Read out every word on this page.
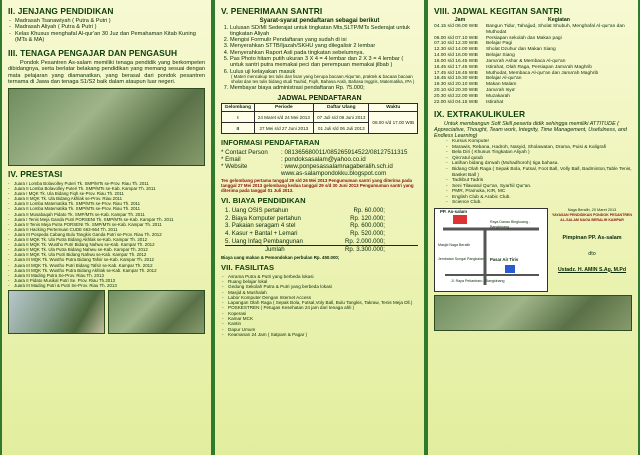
II. JENJANG PENDIDIKAN
- Madrasah Tsanawiyah ( Putra & Putri )
- Madrasah Aliyah ( Putra & Putri )
- Kelas Khusus menghafal Al-qur'an 30 Juz dan Pemahaman Kitab Kuning (MTs & MA)
III. TENAGA PENGAJAR DAN PENGASUH

Pondok Pesantren As-salam memiliki tenaga pendidik yang berkompeten dibidangnya, serta berlatar belakang pendidikan yang memang sesuai dengan mata pelajaran yang diamanatkan, yang berasal dari pondok pesantren ternama di Jawa dan tenaga S1/S2 baik dalam ataupun luar negeri.

IV. PRESTASI
- Juara I Lomba Bolavolley Puteri Tk. SMP/MTs se-Prov. Riau Th. 2011
- Juara II Lomba Bolavolley Puteri Tk. SMP/MTs se-Kab. Kampar Th. 2011
- Juara I MQK Tk. Ula Bidang Fiqh se-Prov. Riau Th. 2011
- Juara II MQK Tk. Ula Bidang Akhlak se-Prov. Riau 2011
- Juara II Lomba Matematika Tk. SMP/MTs se-Prov. Riau Th. 2011
- Juara II Lomba Matematika Tk. SMP/MTs se-Prov. Riau Th. 2011
- Juara II Musabaqah Pidato Tk. SMP/MTs se-Kab. Kampar Th. 2011
- Juara I Tenis Meja Ganda Putri PORSENI Tk. SMP/MTs se-Kab. Kampar Th. 2011
- Juara II Tenis Meja Putra PORSENI Tk. SMP/MTs se-Kab. Kampar Th. 2011
- Juara II Hacking Pertemuan CUDE 663-664 Th. 2011
- Juara III Pospeda Cabang Bulu Tangkis Ganda Putri se-Prov. Riau Th. 2012
- Juara II MQK Tk. Ula Putra Bidang Akhlak se-Kab. Kampar Th. 2012
- Juara II MQK Tk. Wustho Putri Bidang Nahwu se-Kab. Kampar Th. 2012
- Juara II MQK Tk. Ula Putra Bidang Nahwu se-Kab. Kampar Th. 2012
- Juara II MQK Tk. Ula Putri Bidang Nahwu se-Kab. Kampar Th. 2012
- Juara III MQK Tk. Wustho Putra Bidang Tafsir se-Kab. Kampar Th. 2012
- Juara III MQK Tk. Wustho Putri Bidang Tafsir se-Kab. Kampar Th. 2012
- Juara III MQK Tk. Wustho Putra Bidang Akhlak se-Kab. Kampar Th. 2012
- Juara III Mading Putra Se-Prov. Riau Th. 2013
- Juara II Pidato Musikal Putri Se. Prov. Riau Th.2013
- Juara III Mading Putri & Putri Se-Prov. Riau Th. 2013
V. PENERIMAAN SANTRI
Syarat-syarat pendaftaran sebagai berikut
1. Lulusan SD/MI Sederajat untuk tingkatan Mts,SLTP/MTs Sederajat untuk tingkatan Aliyah
2. Mengisi Formulir Pendaftaran yang sudah di isi
3. Menyerahkan STTB/Ijazah/SKHU yang dilegalisir 2 lembar
4. Menyerahkan Raport Asli pada tingkatan sebelumnya.
5. Pas Photo hitam putih ukuran 3 X 4 = 4 lembar dan 2 X 3 = 4 lembar ( untuk santri putra memakai peci dan perempuan memakai jilbab )
6. Lulus uji kelayakan masuk

( Materi mencakup tes tulis dan lisan yang berupa bacaan Alqur'an, praktek & bacaan bacaan sholat dan tes tulis bidang studi Tauhid, Fiqih, Bahasa Arab, Bahasa Inggris, Matematika, IPA )

7. Membayar biaya administrasi pendaftaran Rp. 75.000;
JADWAL PENDAFTARAN
Gelombang	Periode	Daftar Ulang	Waktu
I	24 Maret s/d 24 Mei 2013	07 Juli s/d 08 Juni 2013	08.00 s/d 17.00 WIB
II	27 Mei s/d 27 Juni 2013	01 Juli s/d 06 Juli 2013	
INFORMASI PENDAFTARAN
* Contact Person	: 081365680011/085265914522/08127511315
* Email	: pondoksasalam@yahoo.co.id
* Website	: www.ponpesassalamnagaberalih.sch.id
www.as-salampondokku.blogspot.com

Tes gelombang pertama tanggal 29 s/d 26 Mei 2013 Pengumuman santri yang diterima pada tanggal 27 Mei 2013 gelombang kedua tanggal 29 s/d 30 Juni 2013 Pengumuman santri yang diterima pada tanggal 01 Juli 2013.

VI. BIAYA PENDIDIKAN
1. Uang OSIS pertahun	Rp. 60.000;
2. Biaya Komputer pertahun	Rp. 120.000;
3. Pakaian seragam 4 stel	Rp. 600.000;
4. Kasur + Bantal + Lemari	Rp. 520.000;
5. Uang Infaq Pembangunan	Rp. 2.000.000;
Jumlah	Rp. 3.300.000;

Biaya uang makan & Pemondokan perbulan Rp. 450.000;

VII. FASILITAS
- Asrama Putra & Putri yang berbeda lokasi
- Ruang belajar lokal
- Gedung Sekolah Putra & Putri yang berbeda lokasi
- Masjid & Mushalah
- Labor Komputer Dengan Internet Access
- Lapangan Olah Raga ( Sepak Bola, Futsal,Voly Ball, Bulu Tangkis, Takraw, Tenis Meja Dll.)
- POSKESTREN ( Petugas Kesehatan 24 jam dari tenaga ahli )
- Koperasi
- Kamar MCK
- Kantin
- Dapur Umum
- Keamanan 24 Jam ( Satpam & Pagar )
VIII. JADWAL KEGITAN SANTRI
Jam	Kegiatan
04.15 s/d 06.00 WIB	Bangun Tidur, Tahajjud, Sholat Shubuh, Menghafal Al-qur'an dan Muthodat
06.00 s/d 07.10 WIB	Persiapan sekolah dan Makan pagi
07.10 s/d 12.30 WIB	Belajar Pagi
12.30 s/d 14.00 WIB	Sholat Dzuhur dan Makan Siang
14.00 s/d 16.00 WIB	Belajar Siang
16.00 s/d 16.45 WIB	Jama'ah Ashar & Membaca Al-qur'an
16.45 s/d 17.45 WIB	Istirahat, Olah Raga, Persiapan Jama'ah Maghrib
17.45 s/d 18.45 WIB	Muthodat, Membaca Al-qur'an dan Jama'ah Maghrib
18.45 s/d 19.30 WIB	Belajar Al-qur'an
19.30 s/d 20.10 WIB	Makan Malam
20.10 s/d 20.30 WIB	Jama'ah Isya'
20.30 s/d 22.00 WIB	Muzakarah
22.00 s/d 04.15 WIB	Istirahat
IX. EXTRAKULIKULER

Untuk membangun Soft Skill peserta didik sehingga memiliki ATTITUDE ( Appreciative, Thought, Team work, Integrity, Time Management, Usefulness, and Endless Learning)

- Kursus Komputer
- Marawis, Rebana, Hadroh, Nasyid, Sholawatan, Drama, Puisi & Kaligrafi
- Bela Diri ( Khusus Tingkatan Aliyah )
- Qiro'atul qutub
- Latihan bidang da'wah (Muhadhoroh) tiga bahasa.
- Bidang Olah Raga ( Sepak Bola, Futsal, Foot Ball, Volly Ball, Badminton,Table Tenis, Basket Ball )
- Tadribut Tadris
- Seni Tilawatul Qur'an, Syarhil Qur'an.
- PMR, Pramuka, KIR, MC
- English Club & Arabic Club.
- Science Club.
PP. As-salam
Raya Danau Bingkuang - Bangkinang
Masjid Naga Beralih
Jembatan Sungai Pangkaian Pasar Air Tiris
Jl. Raya Pekanbaru - Bangkinang
Naga Beralih, 20 Maret 2013
YAYASAN PENDIDIKAN PONDOK PESANTREN AL-SALAM NAGA BERALIH KAMPAR
Pimpinan PP. As-salam
dto
Ustadz. H. AMIN S.Ag, M.Pd
